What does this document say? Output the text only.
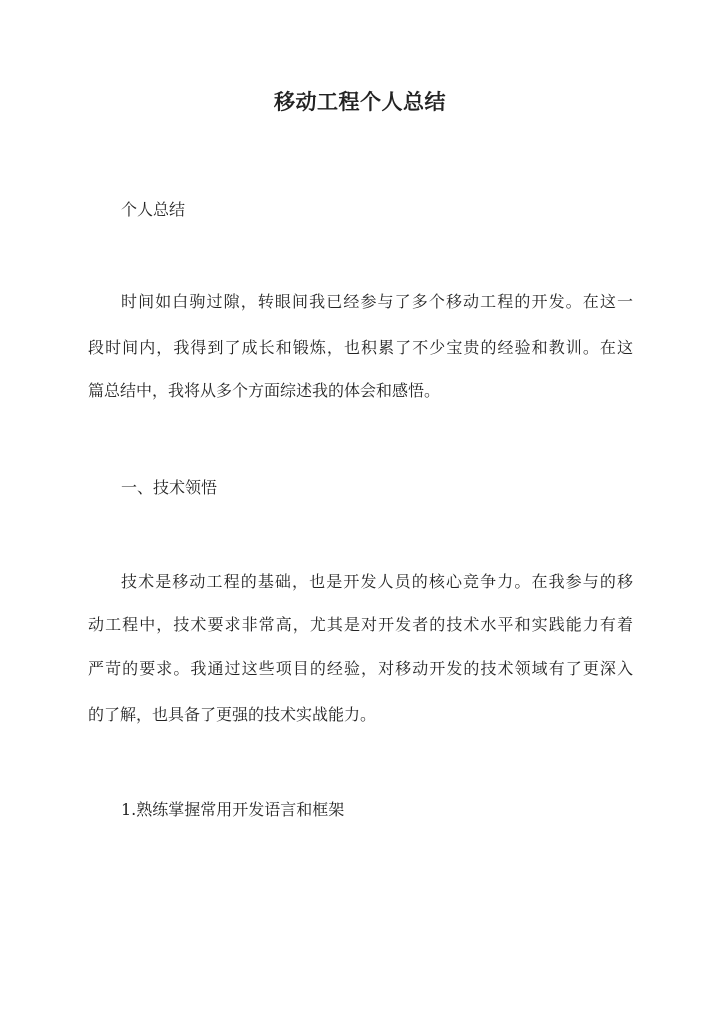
移动工程个人总结
个人总结
时间如白驹过隙，转眼间我已经参与了多个移动工程的开发。在这一
段时间内，我得到了成长和锻炼，也积累了不少宝贵的经验和教训。在这
篇总结中，我将从多个方面综述我的体会和感悟。
一、技术领悟
技术是移动工程的基础，也是开发人员的核心竞争力。在我参与的移
动工程中，技术要求非常高，尤其是对开发者的技术水平和实践能力有着
严苛的要求。我通过这些项目的经验，对移动开发的技术领域有了更深入
的了解，也具备了更强的技术实战能力。
1.熟练掌握常用开发语言和框架
